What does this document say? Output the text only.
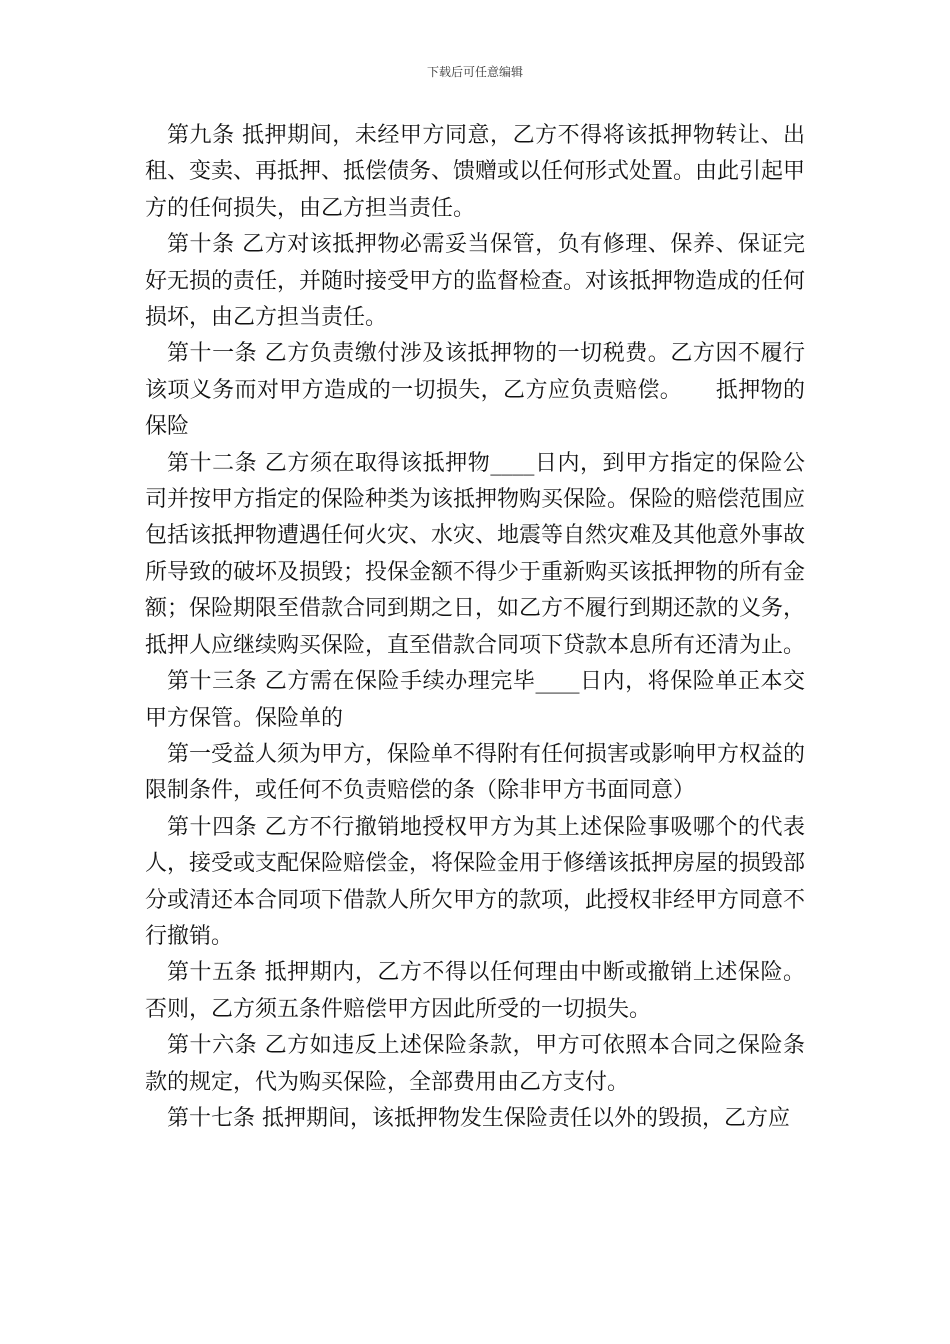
下载后可任意编辑

第九条 抵押期间，未经甲方同意，乙方不得将该抵押物转让、出租、变卖、再抵押、抵偿债务、馈赠或以任何形式处置。由此引起甲方的任何损失，由乙方担当责任。

第十条 乙方对该抵押物必需妥当保管，负有修理、保养、保证完好无损的责任，并随时接受甲方的监督检查。对该抵押物造成的任何损坏，由乙方担当责任。

第十一条 乙方负责缴付涉及该抵押物的一切税费。乙方因不履行该项义务而对甲方造成的一切损失，乙方应负责赔偿。　　抵押物的保险

第十二条 乙方须在取得该抵押物____日内，到甲方指定的保险公司并按甲方指定的保险种类为该抵押物购买保险。保险的赔偿范围应包括该抵押物遭遇任何火灾、水灾、地震等自然灾难及其他意外事故所导致的破坏及损毁；投保金额不得少于重新购买该抵押物的所有金额；保险期限至借款合同到期之日，如乙方不履行到期还款的义务，抵押人应继续购买保险，直至借款合同项下贷款本息所有还清为止。

第十三条 乙方需在保险手续办理完毕____日内，将保险单正本交甲方保管。保险单的

第一受益人须为甲方，保险单不得附有任何损害或影响甲方权益的限制条件，或任何不负责赔偿的条（除非甲方书面同意）

第十四条 乙方不行撤销地授权甲方为其上述保险事吸哪个的代表人，接受或支配保险赔偿金，将保险金用于修缮该抵押房屋的损毁部分或清还本合同项下借款人所欠甲方的款项，此授权非经甲方同意不行撤销。

第十五条 抵押期内，乙方不得以任何理由中断或撤销上述保险。否则，乙方须五条件赔偿甲方因此所受的一切损失。

第十六条 乙方如违反上述保险条款，甲方可依照本合同之保险条款的规定，代为购买保险，全部费用由乙方支付。

第十七条 抵押期间，该抵押物发生保险责任以外的毁损，乙方应
